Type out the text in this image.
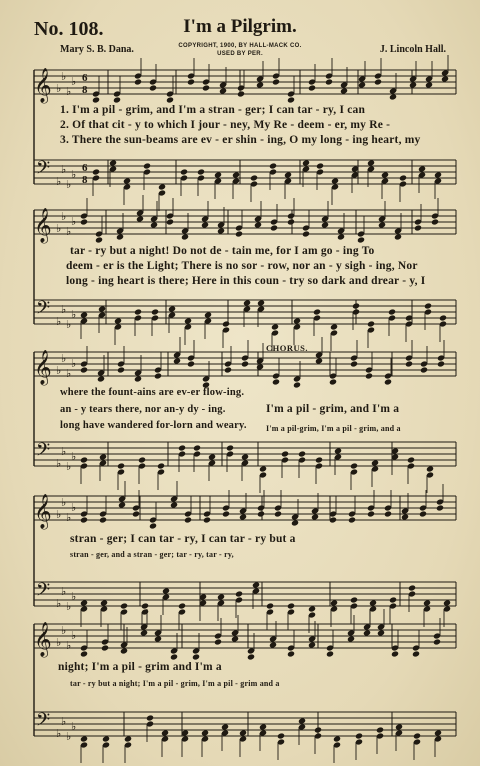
No. 108.	I'm a Pilgrim.
Mary S. B. Dana.	COPYRIGHT, 1900, BY HALL-MACK CO.
USED BY PER.	J. Lincoln Hall.
𝄞
𝄢
♭
♭
♭
♭
♭
♭
♭
♭
6
8
6
8
𝄞
𝄢
♭
♭
♭
♭
♭
♭
♭
♭
𝄞
𝄢
♭
♭
♭
♭
♭
♭
♭
♭
𝄞
𝄢
♭
♭
♭
♭
♭
♭
♭
♭
𝄞
𝄢
♭
♭
♭
♭
♭
♭
♭
♭
1. I'm a pil - grim, and I'm a stran - ger; I can tar - ry, I can
2. Of that cit - y to which I jour - ney, My Re - deem - er, my Re -
3. There the sun-beams are ev - er shin - ing, O my long - ing heart, my
tar - ry but a night! Do not de - tain me, for I am go - ing To
deem - er is the Light; There is no sor - row, nor an - y sigh - ing, Nor
long - ing heart is there; Here in this coun - try so dark and drear - y, I
CHORUS.
where the fount-ains are ev-er flow-ing.
an - y tears there, nor an-y dy - ing.
long have wandered for-lorn and weary.
I'm a pil - grim, and I'm a
I'm a pil-grim, I'm a pil - grim, and a
stran - ger; I can tar - ry, I can tar - ry but a
stran - ger, and a stran - ger; tar - ry, tar - ry,
night; I'm a pil - grim and I'm a
tar - ry but a night; I'm a pil - grim, I'm a pil - grim and a
